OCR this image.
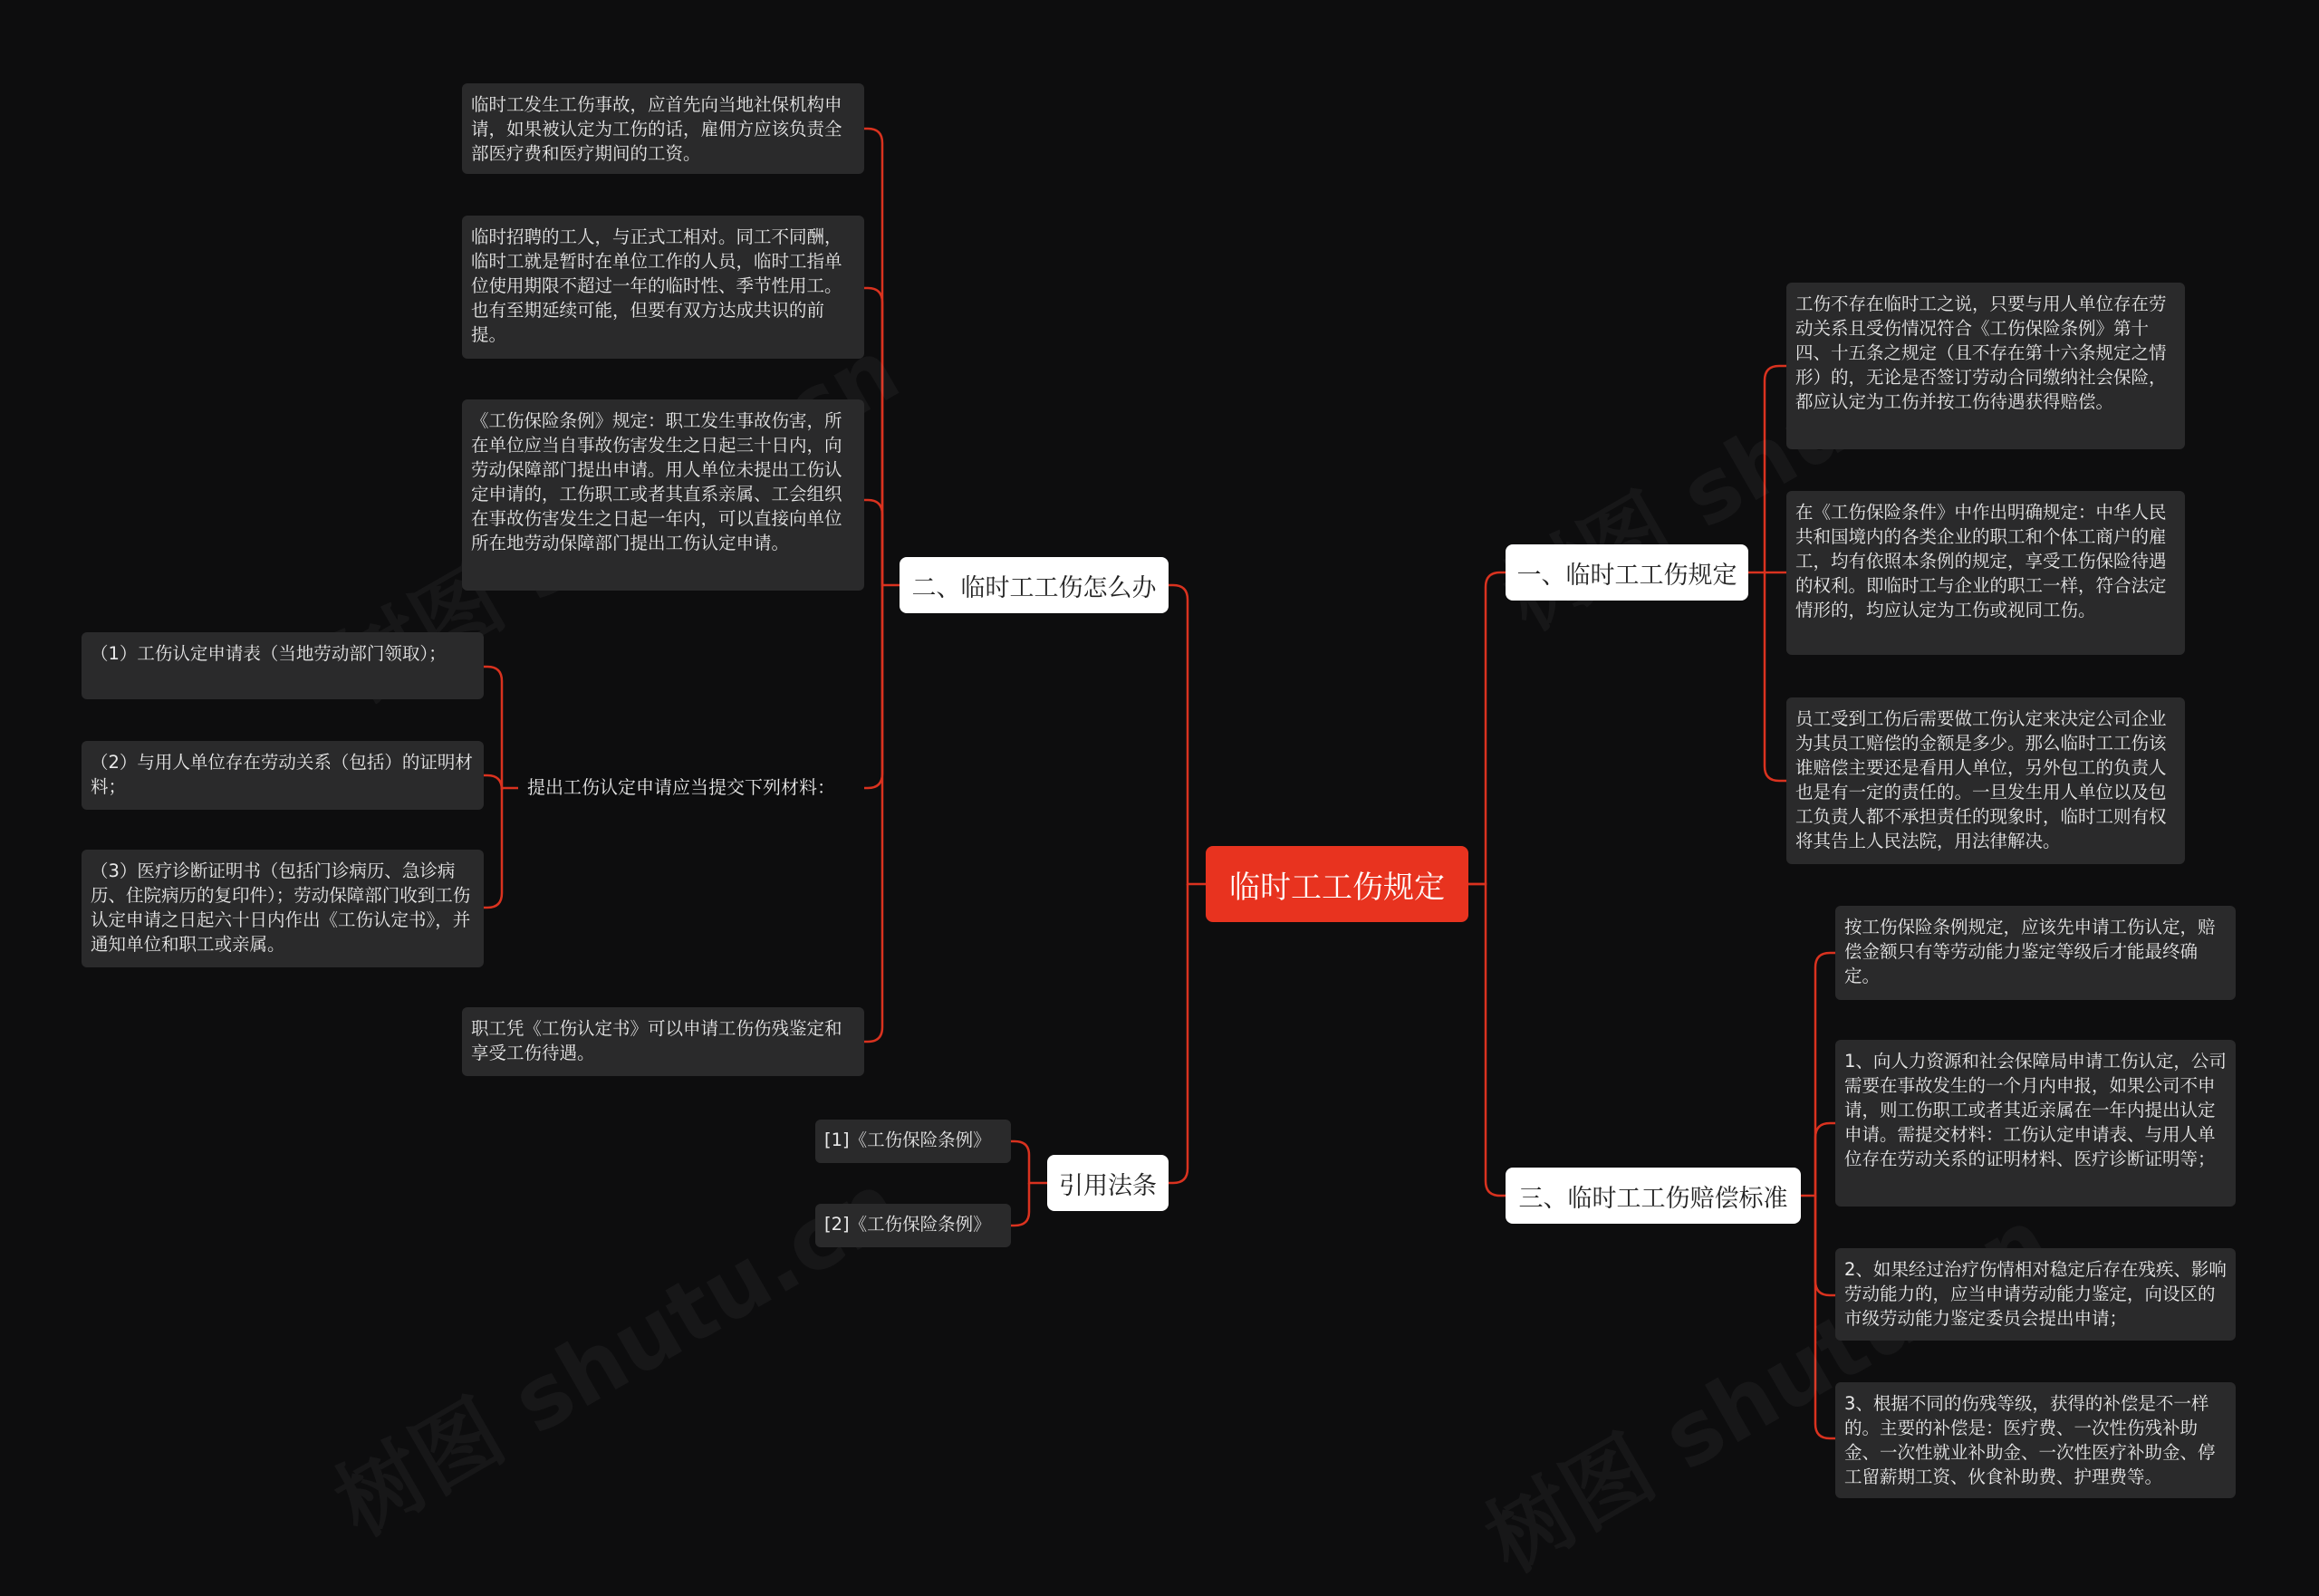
临时工工伤规定
一、临时工工伤规定
二、临时工工伤怎么办
三、临时工工伤赔偿标准
引用法条
工伤不存在临时工之说，只要与用人单位存在劳动关系且受伤情况符合《工伤保险条例》第十四、十五条之规定（且不存在第十六条规定之情形）的，无论是否签订劳动合同缴纳社会保险，都应认定为工伤并按工伤待遇获得赔偿。
在《工伤保险条件》中作出明确规定：中华人民共和国境内的各类企业的职工和个体工商户的雇工，均有依照本条例的规定，享受工伤保险待遇的权利。即临时工与企业的职工一样，符合法定情形的，均应认定为工伤或视同工伤。
员工受到工伤后需要做工伤认定来决定公司企业为其员工赔偿的金额是多少。那么临时工工伤该谁赔偿主要还是看用人单位，另外包工的负责人也是有一定的责任的。一旦发生用人单位以及包工负责人都不承担责任的现象时，临时工则有权将其告上人民法院，用法律解决。
临时工发生工伤事故，应首先向当地社保机构申请，如果被认定为工伤的话，雇佣方应该负责全部医疗费和医疗期间的工资。
临时招聘的工人，与正式工相对。同工不同酬，临时工就是暂时在单位工作的人员，临时工指单位使用期限不超过一年的临时性、季节性用工。也有至期延续可能，但要有双方达成共识的前提。
《工伤保险条例》规定：职工发生事故伤害，所在单位应当自事故伤害发生之日起三十日内，向劳动保障部门提出申请。用人单位未提出工伤认定申请的，工伤职工或者其直系亲属、工会组织在事故伤害发生之日起一年内，可以直接向单位所在地劳动保障部门提出工伤认定申请。
提出工伤认定申请应当提交下列材料：
（1）工伤认定申请表（当地劳动部门领取）；
（2）与用人单位存在劳动关系（包括）的证明材料；
（3）医疗诊断证明书（包括门诊病历、急诊病历、住院病历的复印件）；劳动保障部门收到工伤认定申请之日起六十日内作出《工伤认定书》，并通知单位和职工或亲属。
职工凭《工伤认定书》可以申请工伤伤残鉴定和享受工伤待遇。
按工伤保险条例规定，应该先申请工伤认定，赔偿金额只有等劳动能力鉴定等级后才能最终确定。
1、向人力资源和社会保障局申请工伤认定，公司需要在事故发生的一个月内申报，如果公司不申请，则工伤职工或者其近亲属在一年内提出认定申请。需提交材料：工伤认定申请表、与用人单位存在劳动关系的证明材料、医疗诊断证明等；
2、如果经过治疗伤情相对稳定后存在残疾、影响劳动能力的，应当申请劳动能力鉴定，向设区的市级劳动能力鉴定委员会提出申请；
3、根据不同的伤残等级，获得的补偿是不一样的。主要的补偿是：医疗费、一次性伤残补助金、一次性就业补助金、一次性医疗补助金、停工留薪期工资、伙食补助费、护理费等。
[1]《工伤保险条例》
[2]《工伤保险条例》
